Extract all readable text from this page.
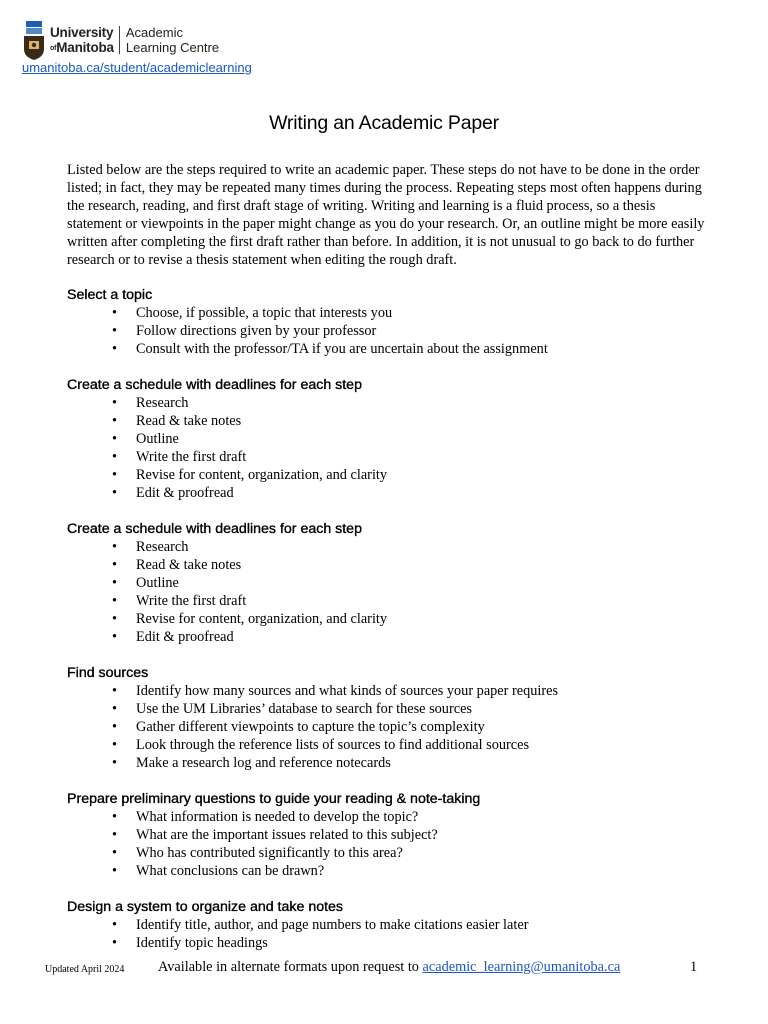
University
ofManitoba
Academic
Learning Centre
umanitoba.ca/student/academiclearning
Writing an Academic Paper

Listed below are the steps required to write an academic paper. These steps do not have to be done in the order listed; in fact, they may be repeated many times during the process. Repeating steps most often happens during the research, reading, and first draft stage of writing. Writing and learning is a fluid process, so a thesis statement or viewpoints in the paper might change as you do your research. Or, an outline might be more easily written after completing the first draft rather than before. In addition, it is not unusual to go back to do further research or to revise a thesis statement when editing the rough draft.

Select a topic
• Choose, if possible, a topic that interests you
• Follow directions given by your professor
• Consult with the professor/TA if you are uncertain about the assignment
Create a schedule with deadlines for each step
• Research
• Read & take notes
• Outline
• Write the first draft
• Revise for content, organization, and clarity
• Edit & proofread
Create a schedule with deadlines for each step
• Research
• Read & take notes
• Outline
• Write the first draft
• Revise for content, organization, and clarity
• Edit & proofread
Find sources
• Identify how many sources and what kinds of sources your paper requires
• Use the UM Libraries’ database to search for these sources
• Gather different viewpoints to capture the topic’s complexity
• Look through the reference lists of sources to find additional sources
• Make a research log and reference notecards
Prepare preliminary questions to guide your reading & note-taking
• What information is needed to develop the topic?
• What are the important issues related to this subject?
• Who has contributed significantly to this area?
• What conclusions can be drawn?
Design a system to organize and take notes
• Identify title, author, and page numbers to make citations easier later
• Identify topic headings
Updated April 2024 Available in alternate formats upon request to academic_learning@umanitoba.ca	1
